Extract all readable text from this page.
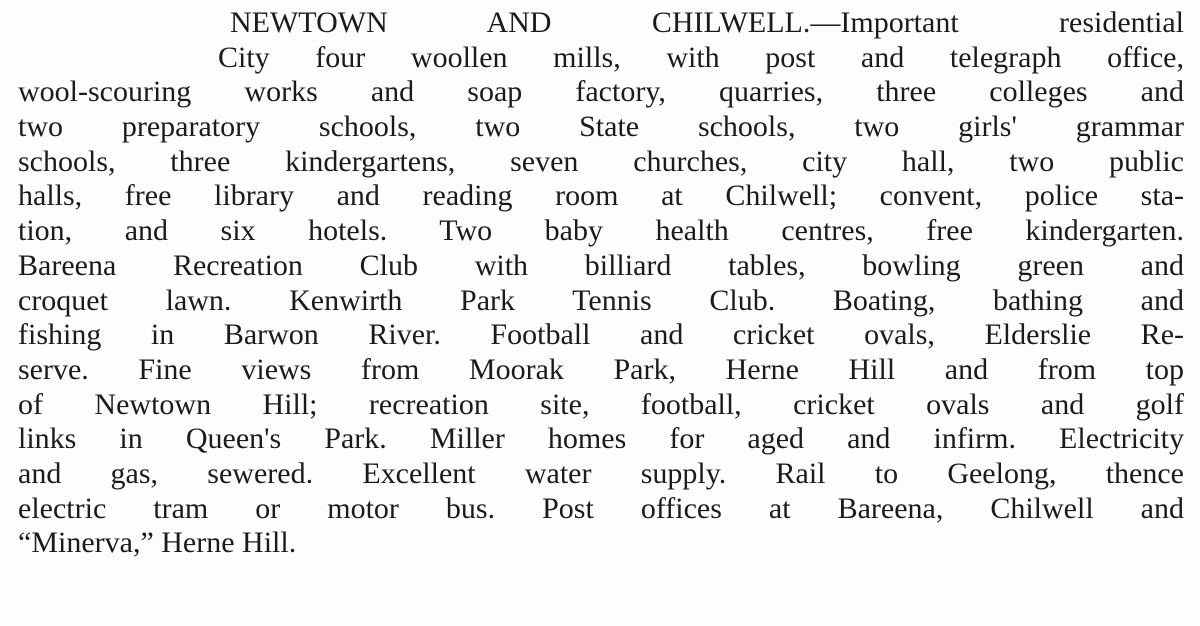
NEWTOWN AND CHILWELL.—Important residential
City four woollen mills, with post and telegraph office,
wool-scouring works and soap factory, quarries, three colleges and
two preparatory schools, two State schools, two girls' grammar
schools, three kindergartens, seven churches, city hall, two public
halls, free library and reading room at Chilwell; convent, police sta-
tion, and six hotels. Two baby health centres, free kindergarten.
Bareena Recreation Club with billiard tables, bowling green and
croquet lawn. Kenwirth Park Tennis Club. Boating, bathing and
fishing in Barwon River. Football and cricket ovals, Elderslie Re-
serve. Fine views from Moorak Park, Herne Hill and from top
of Newtown Hill; recreation site, football, cricket ovals and golf
links in Queen's Park. Miller homes for aged and infirm. Electricity
and gas, sewered. Excellent water supply. Rail to Geelong, thence
electric tram or motor bus. Post offices at Bareena, Chilwell and
“Minerva,” Herne Hill.
